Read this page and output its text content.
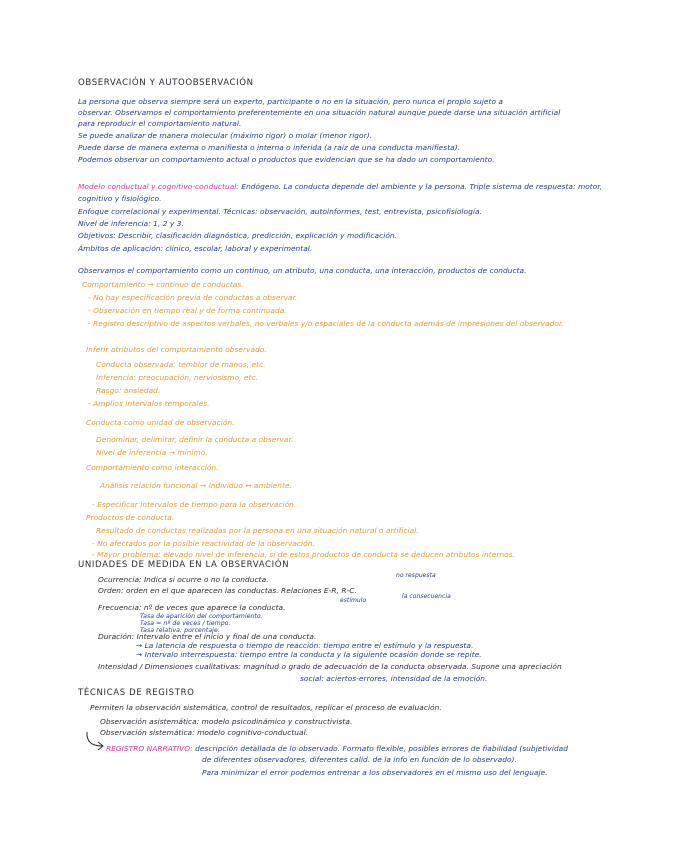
OBSERVACIÓN Y AUTOOBSERVACIÓN
La persona que observa siempre será un experto, participante o no en la situación, pero nunca el propio sujeto a
observar. Observamos el comportamiento preferentemente en una situación natural aunque puede darse una situación artificial
para reproducir el comportamiento natural.
Se puede analizar de manera molecular (máximo rigor) o molar (menor rigor).
Puede darse de manera externa o manifiesta o interna o inferida (a raíz de una conducta manifiesta).
Podemos observar un comportamiento actual o productos que evidencian que se ha dado un comportamiento.
Modelo conductual y cognitivo-conductual: Endógeno. La conducta depende del ambiente y la persona. Triple sistema de respuesta: motor,
cognitivo y fisiológico.
Enfoque correlacional y experimental. Técnicas: observación, autoinformes, test, entrevista, psicofisiología.
Nivel de inferencia: 1, 2 y 3.
Objetivos: Describir, clasificación diagnóstica, predicción, explicación y modificación.
Ámbitos de aplicación: clínico, escolar, laboral y experimental.
Observamos el comportamiento como un continuo, un atributo, una conducta, una interacción, productos de conducta.
Comportamiento → continuo de conductas.
- No hay especificación previa de conductas a observar.
- Observación en tiempo real y de forma continuada.
- Registro descriptivo de aspectos verbales, no verbales y/o espaciales de la conducta además de impresiones del observador.
Inferir atributos del comportamiento observado.
Conducta observada: temblor de manos, etc.
Inferencia: preocupación, nerviosismo, etc.
Rasgo: ansiedad.
- Amplios intervalos temporales.
Conducta como unidad de observación.
Denominar, delimitar, definir la conducta a observar.
Nivel de inferencia → mínimo.
Comportamiento como interacción.
Análisis relación funcional → Individuo ↔ ambiente.
- Especificar intervalos de tiempo para la observación.
Productos de conducta.
Resultado de conductas realizadas por la persona en una situación natural o artificial.
- No afectados por la posible reactividad de la observación.
- Mayor problema: elevado nivel de inferencia, si de estos productos de conducta se deducen atributos internos.
UNIDADES DE MEDIDA EN LA OBSERVACIÓN
no respuesta
Ocurrencia: Indica si ocurre o no la conducta.
Orden: orden en el que aparecen las conductas. Relaciones E-R, R-C.
estímulo
la consecuencia
Frecuencia: nº de veces que aparece la conducta.
Tasa de aparición del comportamiento.
Tasa = nº de veces / tiempo.
Tasa relativa: porcentaje.
Duración: Intervalo entre el inicio y final de una conducta.
→ La latencia de respuesta o tiempo de reacción: tiempo entre el estímulo y la respuesta.
→ Intervalo interrespuesta: tiempo entre la conducta y la siguiente ocasión donde se repite.
Intensidad / Dimensiones cualitativas: magnitud o grado de adecuación de la conducta observada. Supone una apreciación
social: aciertos-errores, intensidad de la emoción.
TÉCNICAS DE REGISTRO
Permiten la observación sistemática, control de resultados, replicar el proceso de evaluación.
Observación asistemática: modelo psicodinámico y constructivista.
Observación sistemática: modelo cognitivo-conductual.
REGISTRO NARRATIVO: descripción detallada de lo observado. Formato flexible, posibles errores de fiabilidad (subjetividad
de diferentes observadores, diferentes calid. de la info en función de lo observado).
Para minimizar el error podemos entrenar a los observadores en el mismo uso del lenguaje.
